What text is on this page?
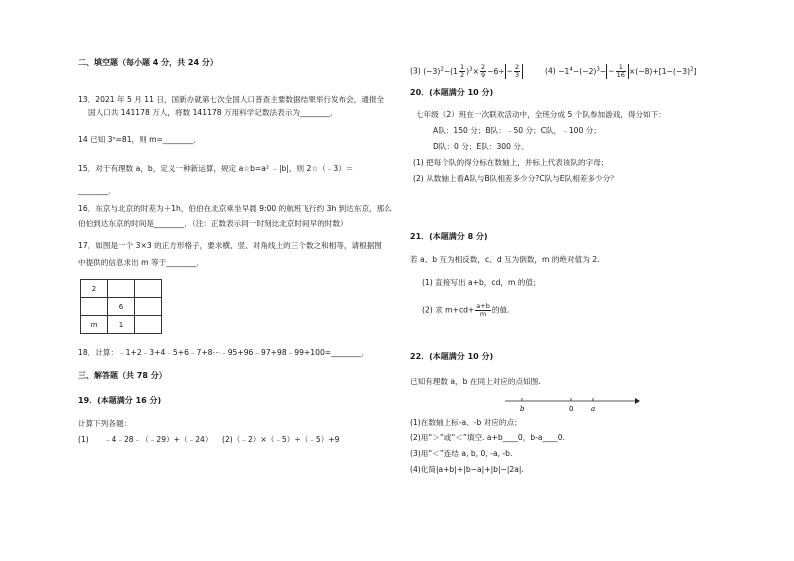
二、填空题（每小题 4 分，共 24 分）
13．2021 年 5 月 11 日，国新办就第七次全国人口普查主要数据结果举行发布会，通报全
国人口共 141178 万人，将数 141178 万用科学记数法表示为________．
14 已知 3ⁿ=81，则 m=________．
15．对于有理数 a，b，定义一种新运算，规定 a☆b=a² ﹣|b|，则 2☆（﹣3）＝
________．
16．东京与北京的时差为＋1h，伯伯在北京乘坐早晨 9:00 的航班飞行约 3h 到达东京，那么
伯伯到达东京的时间是________．（注：正数表示同一时刻比北京时间早的时数）
17．如图是一个 3×3 的正方形格子，要求横、竖、对角线上的三个数之和相等，请根据图
中提供的信息求出 m 等于________．
2		
	6	
m	1	
18．计算：﹣1+2﹣3+4﹣5+6﹣7+8⋯﹣95+96﹣97+98﹣99+100=________．
三、解答题（共 78 分）
19．(本题满分 16 分)
计算下列各题：
(1)　　﹣4﹣28﹣（﹣29）+（﹣24） (2)（﹣2）×（﹣5）÷（﹣5）+9
(3) $(-3)^2-(1 \frac{1}{2} )^3\times \frac{2}{9} -6\div - \frac{2}{3}$	$(4) -1^4-(-2)^3- - \frac{1}{16} \times(-8)+[1-(-3)^2]$
20．(本题满分 10 分)
七年级（2）班在一次联欢活动中，全班分成 5 个队参加游戏，得分如下：
A队：150 分；B队：﹣50 分；C队，﹣100 分；
D队：0 分；E队：300 分。
(1) 把每个队的得分标在数轴上，并标上代表该队的字母；
(2) 从数轴上看A队与B队相差多少分?C队与E队相差多少分？
21．(本题满分 8 分)
若 a、b 互为相反数，c、d 互为倒数，m 的绝对值为 2.
(1) 直接写出 a+b，cd，m 的值；
(2) 求 $m+cd+ \frac{a+b}{m}$ 的值.
22．(本题满分 10 分)
已知有理数 a，b 在同上对应的点如图.
b	0	a
(1)在数轴上标-a、-b 对应的点；
(2)用“＞”或“＜”填空. a+b____0，b-a____0.
(3)用“＜”连结 a, b, 0, -a, -b.
(4)化简|a+b|+|b−a|+|b|−|2a|.
